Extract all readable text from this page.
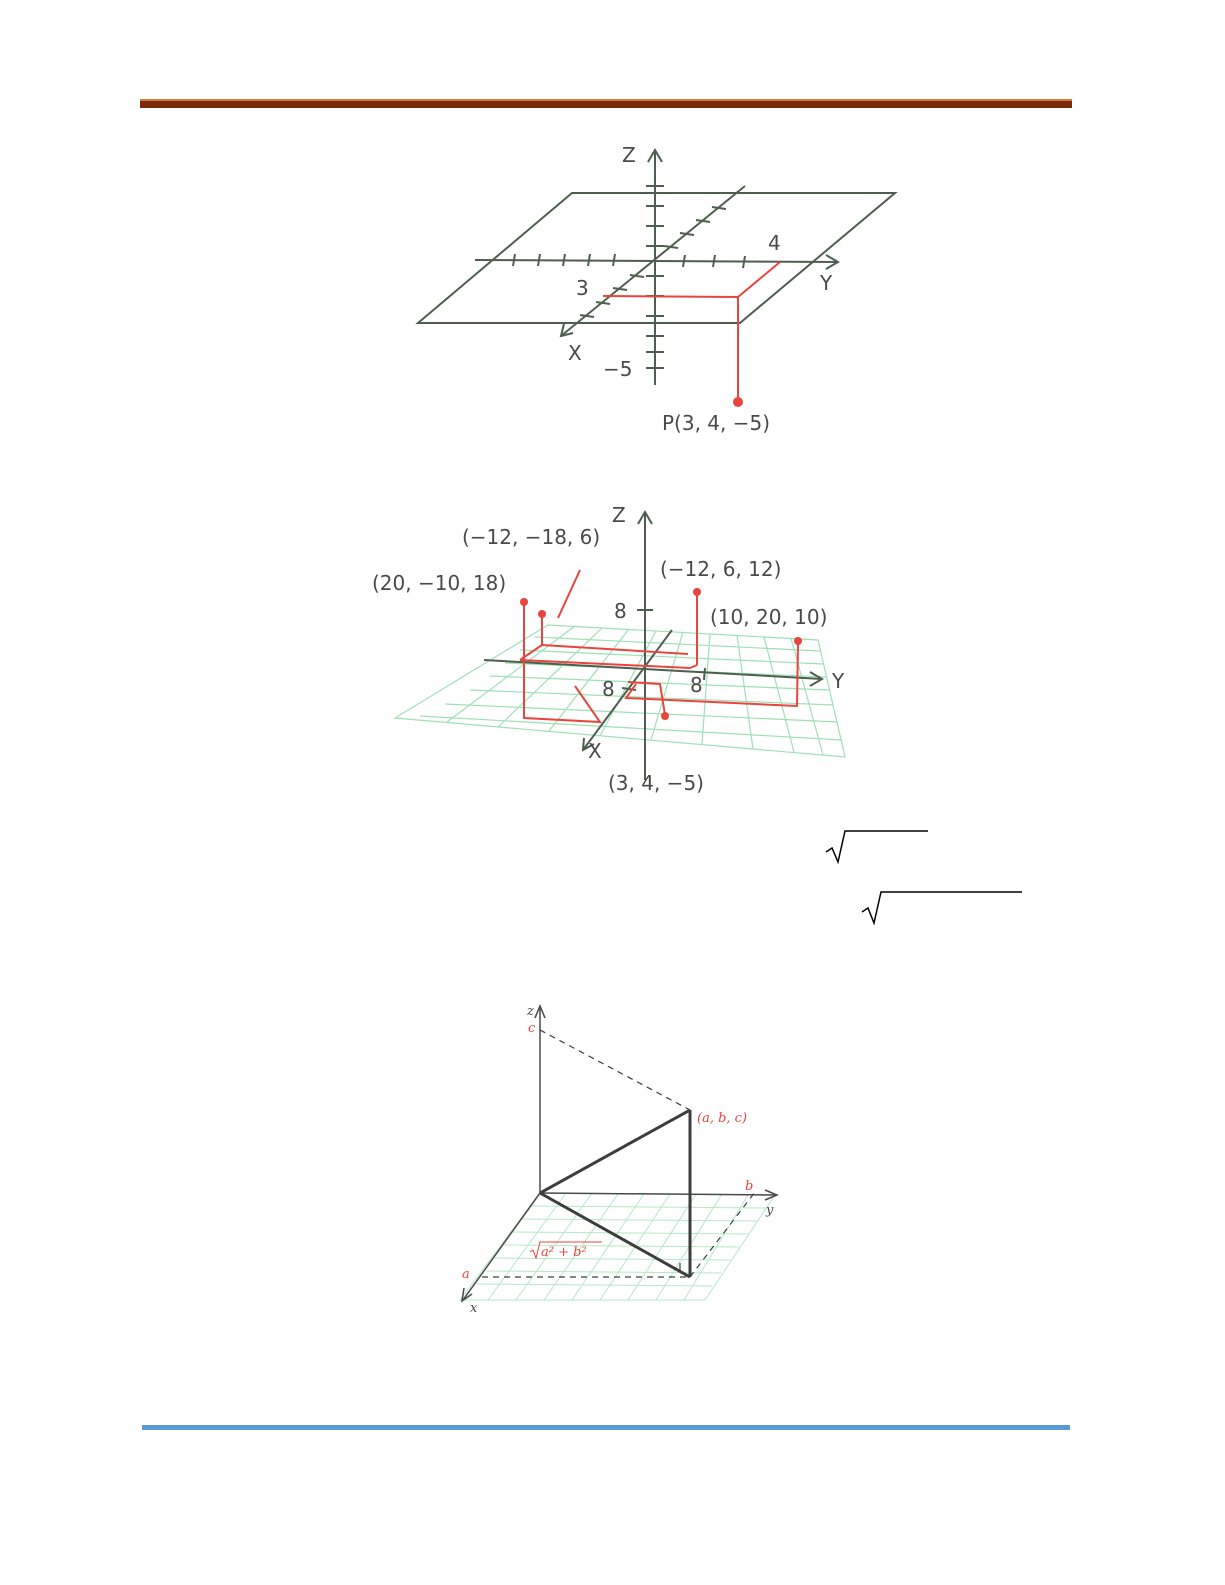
Z
Y
X
3
4
−5
P(3, 4, −5)
Z
Y
X
8
8	8
(−12, −18, 6)
(20, −10, 18)
(−12, 6, 12)
(10, 20, 10)
(3, 4, −5)
z
y
x
c
b
a
(a, b, c)
a² + b²
